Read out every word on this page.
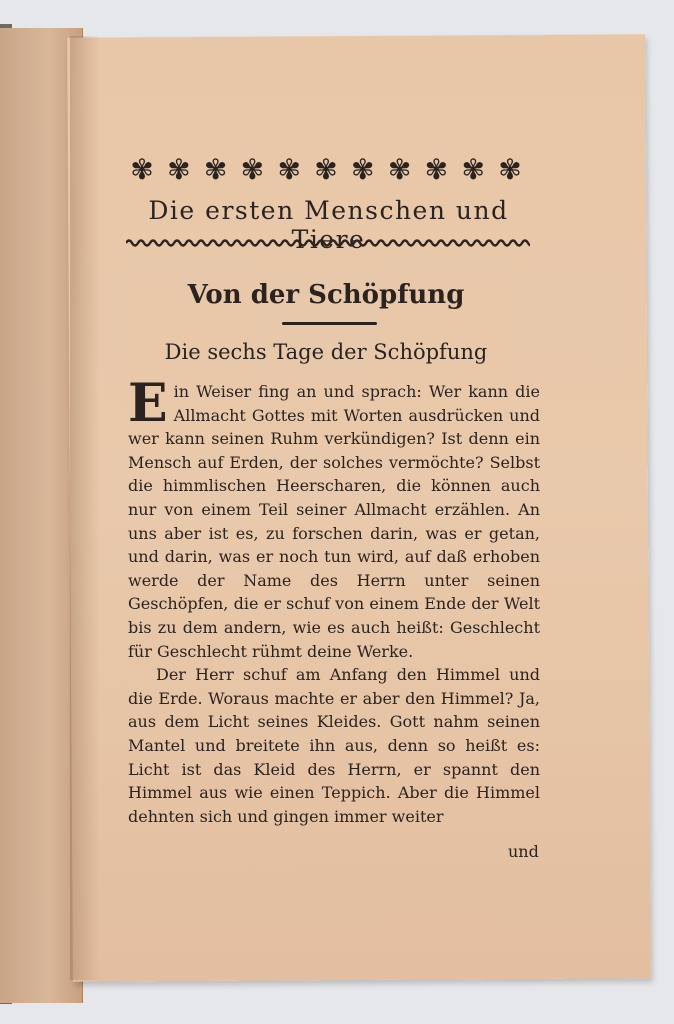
✾ ✾ ✾ ✾ ✾ ✾ ✾ ✾ ✾ ✾ ✾
Die ersten Menschen und Tiere
Von der Schöpfung
Die sechs Tage der Schöpfung

Ein Weiser fing an und sprach: Wer kann die Allmacht Gottes mit Worten ausdrücken und wer kann seinen Ruhm verkündigen? Ist denn ein Mensch auf Erden, der solches vermöchte? Selbst die himmlischen Heerscharen, die können auch nur von einem Teil seiner Allmacht erzählen. An uns aber ist es, zu forschen darin, was er getan, und darin, was er noch tun wird, auf daß erhoben werde der Name des Herrn unter seinen Geschöpfen, die er schuf von einem Ende der Welt bis zu dem andern, wie es auch heißt: Geschlecht für Geschlecht rühmt deine Werke.

Der Herr schuf am Anfang den Himmel und die Erde. Woraus machte er aber den Himmel? Ja, aus dem Licht seines Kleides. Gott nahm seinen Mantel und breitete ihn aus, denn so heißt es: Licht ist das Kleid des Herrn, er spannt den Himmel aus wie einen Teppich. Aber die Himmel dehnten sich und gingen immer weiter

und
